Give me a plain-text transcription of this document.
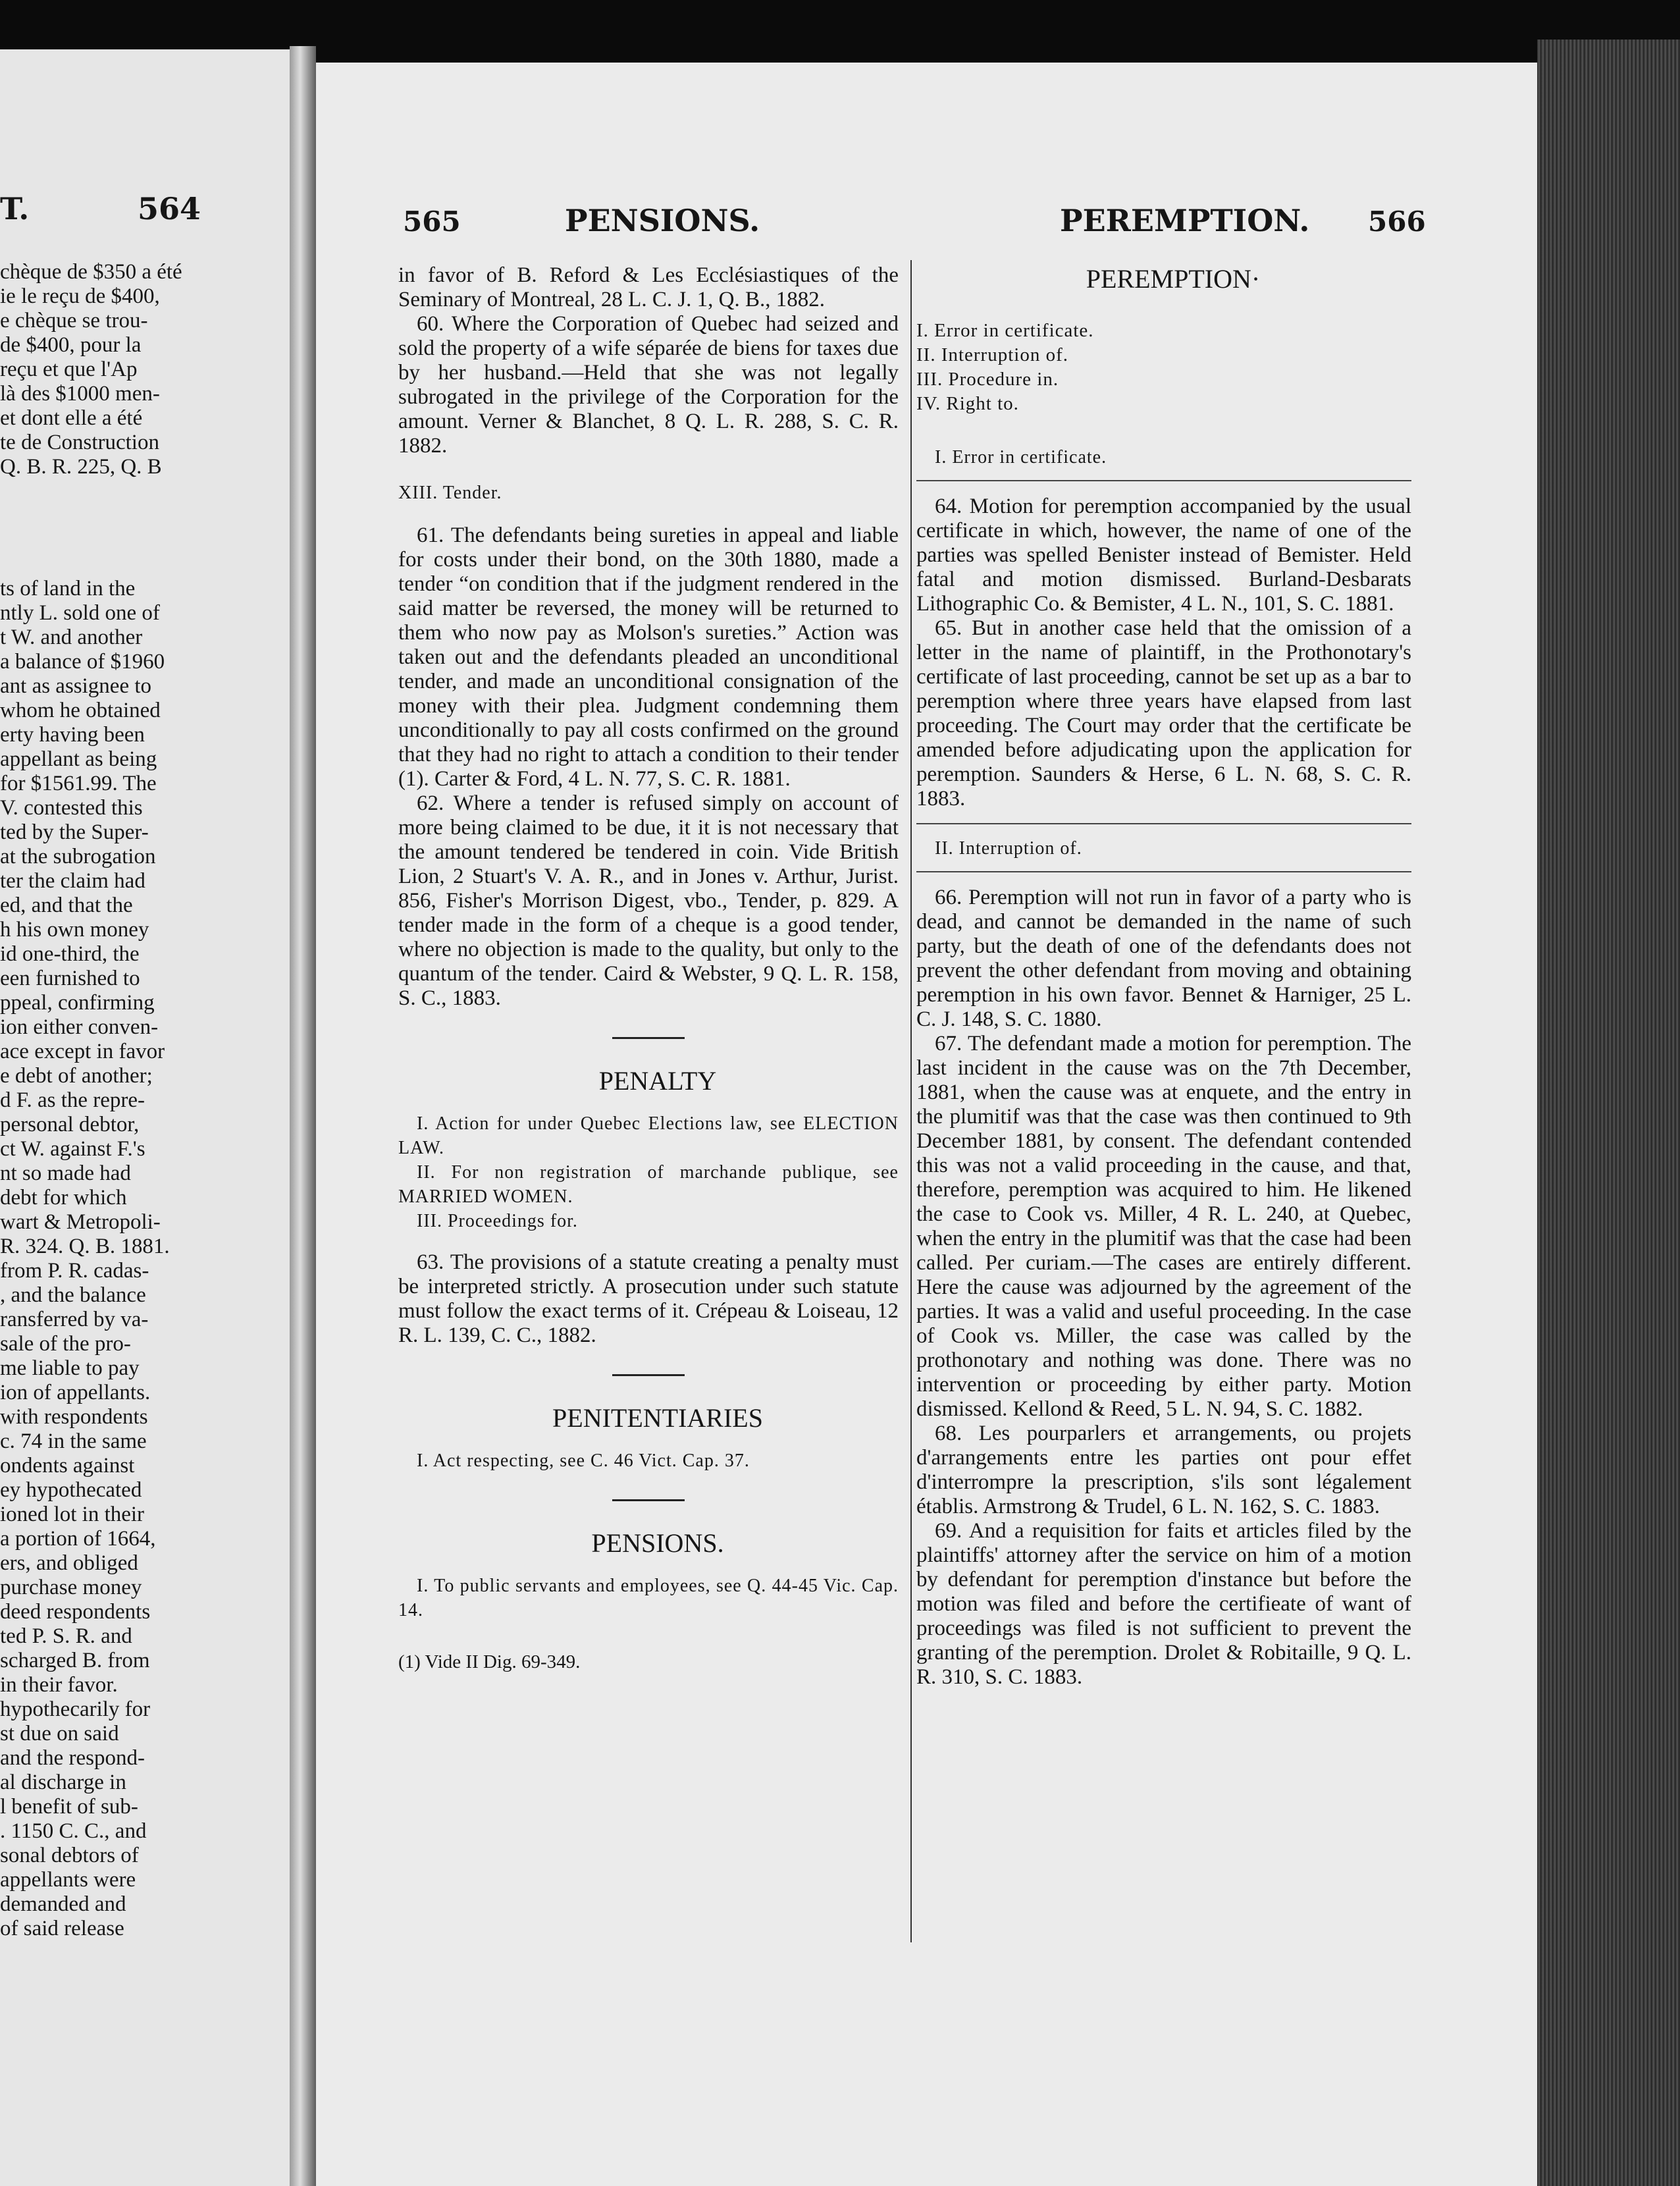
T.	564
chèque de $350 a été
ie le reçu de $400,
e chèque se trou-
de $400, pour la
reçu et que l'Ap
là des $1000 men-
et dont elle a été
te de Construction
Q. B. R. 225, Q. B
ts of land in the
ntly L. sold one of
t W. and another
a balance of $1960
ant as assignee to
whom he obtained
erty having been
appellant as being
for $1561.99. The
V. contested this
ted by the Super-
at the subrogation
ter the claim had
ed, and that the
h his own money
id one-third, the
een furnished to
ppeal, confirming
ion either conven-
ace except in favor
e debt of another;
d F. as the repre-
personal debtor,
ct W. against F.'s
nt so made had
debt for which
wart & Metropoli-
R. 324. Q. B. 1881.
from P. R. cadas-
, and the balance
ransferred by va-
sale of the pro-
me liable to pay
ion of appellants.
with respondents
c. 74 in the same
ondents against
ey hypothecated
ioned lot in their
a portion of 1664,
ers, and obliged
purchase money
deed respondents
ted P. S. R. and
scharged B. from
in their favor.
hypothecarily for
st due on said
and the respond-
al discharge in
l benefit of sub-
. 1150 C. C., and
sonal debtors of
appellants were
demanded and
of said release
565	PENSIONS.	PEREMPTION. 566

in favor of B. Reford & Les Ecclésiastiques of the Seminary of Montreal, 28 L. C. J. 1, Q. B., 1882.

60. Where the Corporation of Quebec had seized and sold the property of a wife séparée de biens for taxes due by her husband.—Held that she was not legally subrogated in the privilege of the Corporation for the amount. Verner & Blanchet, 8 Q. L. R. 288, S. C. R. 1882.

XIII. Tender.

61. The defendants being sureties in appeal and liable for costs under their bond, on the 30th 1880, made a tender “on condition that if the judgment rendered in the said matter be reversed, the money will be returned to them who now pay as Molson's sureties.” Action was taken out and the defendants pleaded an unconditional tender, and made an unconditional consignation of the money with their plea. Judgment condemning them unconditionally to pay all costs confirmed on the ground that they had no right to attach a condition to their tender (1). Carter & Ford, 4 L. N. 77, S. C. R. 1881.

62. Where a tender is refused simply on account of more being claimed to be due, it it is not necessary that the amount tendered be tendered in coin. Vide British Lion, 2 Stuart's V. A. R., and in Jones v. Arthur, Jurist. 856, Fisher's Morrison Digest, vbo., Tender, p. 829. A tender made in the form of a cheque is a good tender, where no objection is made to the quality, but only to the quantum of the tender. Caird & Webster, 9 Q. L. R. 158, S. C., 1883.

PENALTY

I. Action for under Quebec Elections law, see ELECTION LAW.

II. For non registration of marchande publique, see MARRIED WOMEN.

III. Proceedings for.

63. The provisions of a statute creating a penalty must be interpreted strictly. A prosecution under such statute must follow the exact terms of it. Crépeau & Loiseau, 12 R. L. 139, C. C., 1882.

PENITENTIARIES

I. Act respecting, see C. 46 Vict. Cap. 37.

PENSIONS.

I. To public servants and employees, see Q. 44-45 Vic. Cap. 14.

(1) Vide II Dig. 69-349.

PEREMPTION·

I. Error in certificate.
II. Interruption of.
III. Procedure in.
IV. Right to.

I. Error in certificate.

64. Motion for peremption accompanied by the usual certificate in which, however, the name of one of the parties was spelled Benister instead of Bemister. Held fatal and motion dismissed. Burland-Desbarats Lithographic Co. & Bemister, 4 L. N., 101, S. C. 1881.

65. But in another case held that the omission of a letter in the name of plaintiff, in the Prothonotary's certificate of last proceeding, cannot be set up as a bar to peremption where three years have elapsed from last proceeding. The Court may order that the certificate be amended before adjudicating upon the application for peremption. Saunders & Herse, 6 L. N. 68, S. C. R. 1883.

II. Interruption of.

66. Peremption will not run in favor of a party who is dead, and cannot be demanded in the name of such party, but the death of one of the defendants does not prevent the other defendant from moving and obtaining peremption in his own favor. Bennet & Harniger, 25 L. C. J. 148, S. C. 1880.

67. The defendant made a motion for peremption. The last incident in the cause was on the 7th December, 1881, when the cause was at enquete, and the entry in the plumitif was that the case was then continued to 9th December 1881, by consent. The defendant contended this was not a valid proceeding in the cause, and that, therefore, peremption was acquired to him. He likened the case to Cook vs. Miller, 4 R. L. 240, at Quebec, when the entry in the plumitif was that the case had been called. Per curiam.—The cases are entirely different. Here the cause was adjourned by the agreement of the parties. It was a valid and useful proceeding. In the case of Cook vs. Miller, the case was called by the prothonotary and nothing was done. There was no intervention or proceeding by either party. Motion dismissed. Kellond & Reed, 5 L. N. 94, S. C. 1882.

68. Les pourparlers et arrangements, ou projets d'arrangements entre les parties ont pour effet d'interrompre la prescription, s'ils sont légalement établis. Armstrong & Trudel, 6 L. N. 162, S. C. 1883.

69. And a requisition for faits et articles filed by the plaintiffs' attorney after the service on him of a motion by defendant for peremption d'instance but before the motion was filed and before the certifieate of want of proceedings was filed is not sufficient to prevent the granting of the peremption. Drolet & Robitaille, 9 Q. L. R. 310, S. C. 1883.
